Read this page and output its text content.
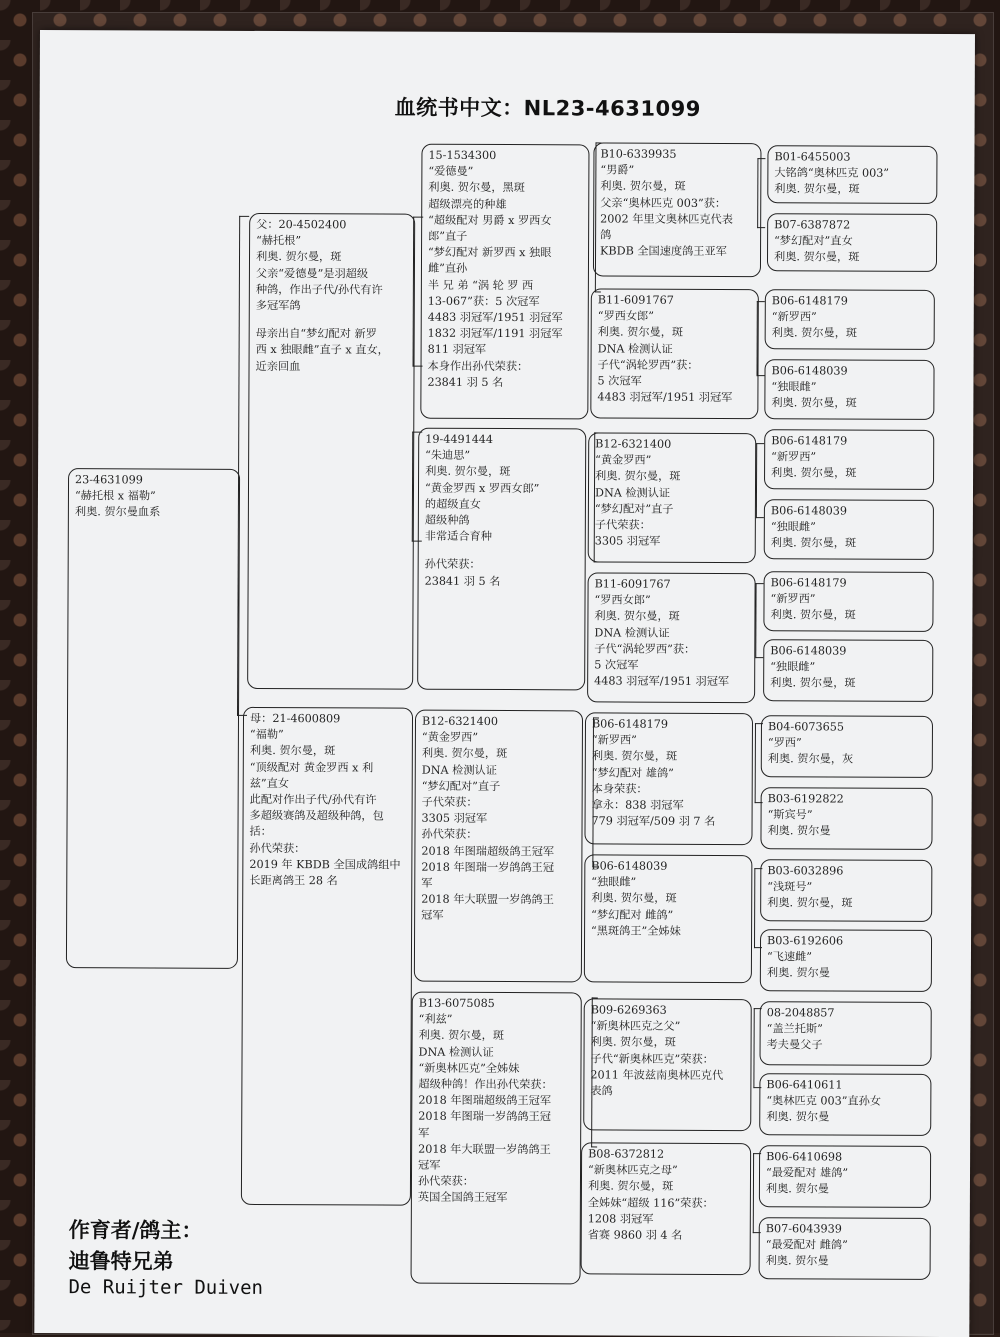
血统书中文：NL23-4631099
23-4631099
“赫托根 x 福勒”
利奥. 贺尔曼血系
父：20-4502400
“赫托根”
利奥. 贺尔曼，斑
父亲“爱德曼”是羽超级
种鸽，作出子代/孙代有许
多冠军鸽
母亲出自“梦幻配对 新罗
西 x 独眼雌”直子 x 直女，
近亲回血
母：21-4600809
“福勒”
利奥. 贺尔曼，斑
“顶级配对 黄金罗西 x 利
兹”直女
此配对作出子代/孙代有许
多超级赛鸽及超级种鸽，包
括：
孙代荣获：
2019 年 KBDB 全国成鸽组中
长距离鸽王 28 名
15-1534300
“爱德曼”
利奥. 贺尔曼，黑斑
超级漂亮的种雄
“超级配对 男爵 x 罗西女
郎”直子
“梦幻配对 新罗西 x 独眼
雌”直孙
半 兄 弟 “涡 轮 罗 西
13-067”获：5 次冠军
4483 羽冠军/1951 羽冠军
1832 羽冠军/1191 羽冠军
811 羽冠军
本身作出孙代荣获：
23841 羽 5 名
19-4491444
“朱迪思”
利奥. 贺尔曼，斑
“黄金罗西 x 罗西女郎”
的超级直女
超级种鸽
非常适合育种
孙代荣获：
23841 羽 5 名
B12-6321400
“黄金罗西”
利奥. 贺尔曼，斑
DNA 检测认证
“梦幻配对”直子
子代荣获：
3305 羽冠军
孙代荣获：
2018 年图瑞超级鸽王冠军
2018 年图瑞一岁鸽鸽王冠
军
2018 年大联盟一岁鸽鸽王
冠军
B13-6075085
“利兹”
利奥. 贺尔曼，斑
DNA 检测认证
“新奥林匹克”全姊妹
超级种鸽！作出孙代荣获：
2018 年图瑞超级鸽王冠军
2018 年图瑞一岁鸽鸽王冠
军
2018 年大联盟一岁鸽鸽王
冠军
孙代荣获：
英国全国鸽王冠军
B10-6339935
“男爵”
利奥. 贺尔曼，斑
父亲“奥林匹克 003”获：
2002 年里文奥林匹克代表
鸽
KBDB 全国速度鸽王亚军
B11-6091767
“罗西女郎”
利奥. 贺尔曼，斑
DNA 检测认证
子代“涡轮罗西”获：
5 次冠军
4483 羽冠军/1951 羽冠军
B12-6321400
“黄金罗西”
利奥. 贺尔曼，斑
DNA 检测认证
“梦幻配对”直子
子代荣获：
3305 羽冠军
B11-6091767
“罗西女郎”
利奥. 贺尔曼，斑
DNA 检测认证
子代“涡轮罗西”获：
5 次冠军
4483 羽冠军/1951 羽冠军
B06-6148179
“新罗西”
利奥. 贺尔曼，斑
“梦幻配对 雄鸽”
本身荣获：
拿永：838 羽冠军
779 羽冠军/509 羽 7 名
B06-6148039
“独眼雌”
利奥. 贺尔曼，斑
“梦幻配对 雌鸽”
“黑斑鸽王”全姊妹
B09-6269363
“新奥林匹克之父”
利奥. 贺尔曼，斑
子代“新奥林匹克”荣获：
2011 年波兹南奥林匹克代
表鸽
B08-6372812
“新奥林匹克之母”
利奥. 贺尔曼，斑
全姊妹“超级 116”荣获：
1208 羽冠军
省赛 9860 羽 4 名
B01-6455003
大铭鸽“奥林匹克 003”
利奥. 贺尔曼，斑
B07-6387872
“梦幻配对”直女
利奥. 贺尔曼，斑
B06-6148179
“新罗西”
利奥. 贺尔曼，斑
B06-6148039
“独眼雌”
利奥. 贺尔曼，斑
B06-6148179
“新罗西”
利奥. 贺尔曼，斑
B06-6148039
“独眼雌”
利奥. 贺尔曼，斑
B06-6148179
“新罗西”
利奥. 贺尔曼，斑
B06-6148039
“独眼雌”
利奥. 贺尔曼，斑
B04-6073655
“罗西”
利奥. 贺尔曼，灰
B03-6192822
“斯宾号”
利奥. 贺尔曼
B03-6032896
“浅斑号”
利奥. 贺尔曼，斑
B03-6192606
“飞速雌”
利奥. 贺尔曼
08-2048857
“盖兰托斯”
考夫曼父子
B06-6410611
“奥林匹克 003”直孙女
利奥. 贺尔曼
B06-6410698
“最爱配对 雄鸽”
利奥. 贺尔曼
B07-6043939
“最爱配对 雌鸽”
利奥. 贺尔曼
作育者/鸽主：
迪鲁特兄弟
De Ruijter Duiven
